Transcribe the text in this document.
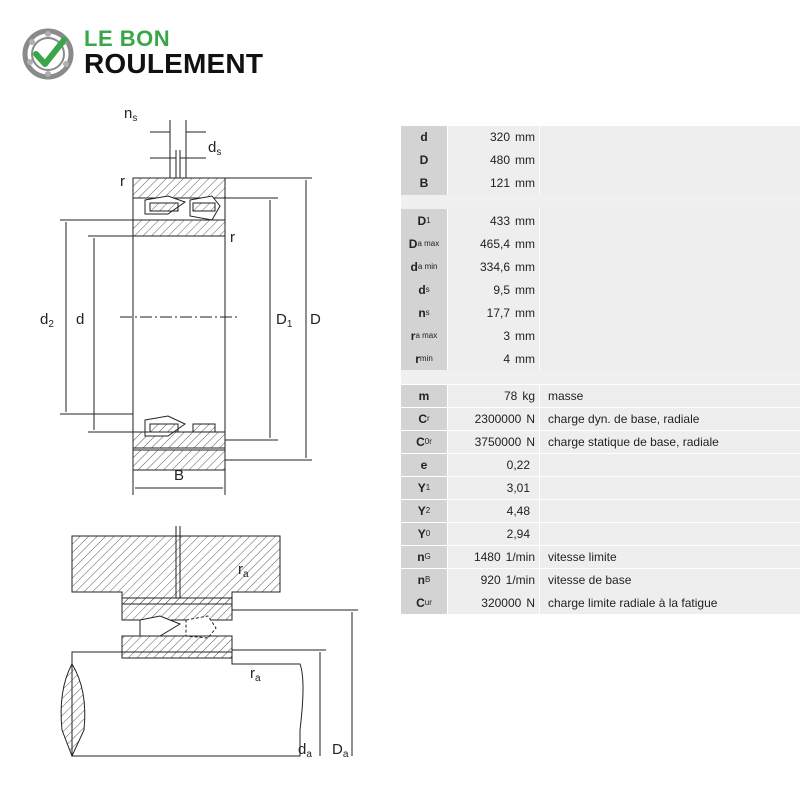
LE BON
ROULEMENT
$n_s$
$d_s$
r
r
$d_2$ d	$D_1$ D
B
$r_a$
$r_a$
$d_a$ $D_a$
d	320 mm
D	480 mm
B	121 mm
D 1	433 mm
D a max	465,4 mm
d a min	334,6 mm
d s	9,5 mm
n s	17,7 mm
r a max	3 mm
r min	4 mm
m	78 kg masse
C r	2300000 N charge dyn. de base, radiale
C 0r	3750000 N charge statique de base, radiale
e	0,22
Y 1	3,01
Y 2	4,48
Y 0	2,94
n G	1480 1/min vitesse limite
n B	920 1/min vitesse de base
C ur	320000 N charge limite radiale à la fatigue
